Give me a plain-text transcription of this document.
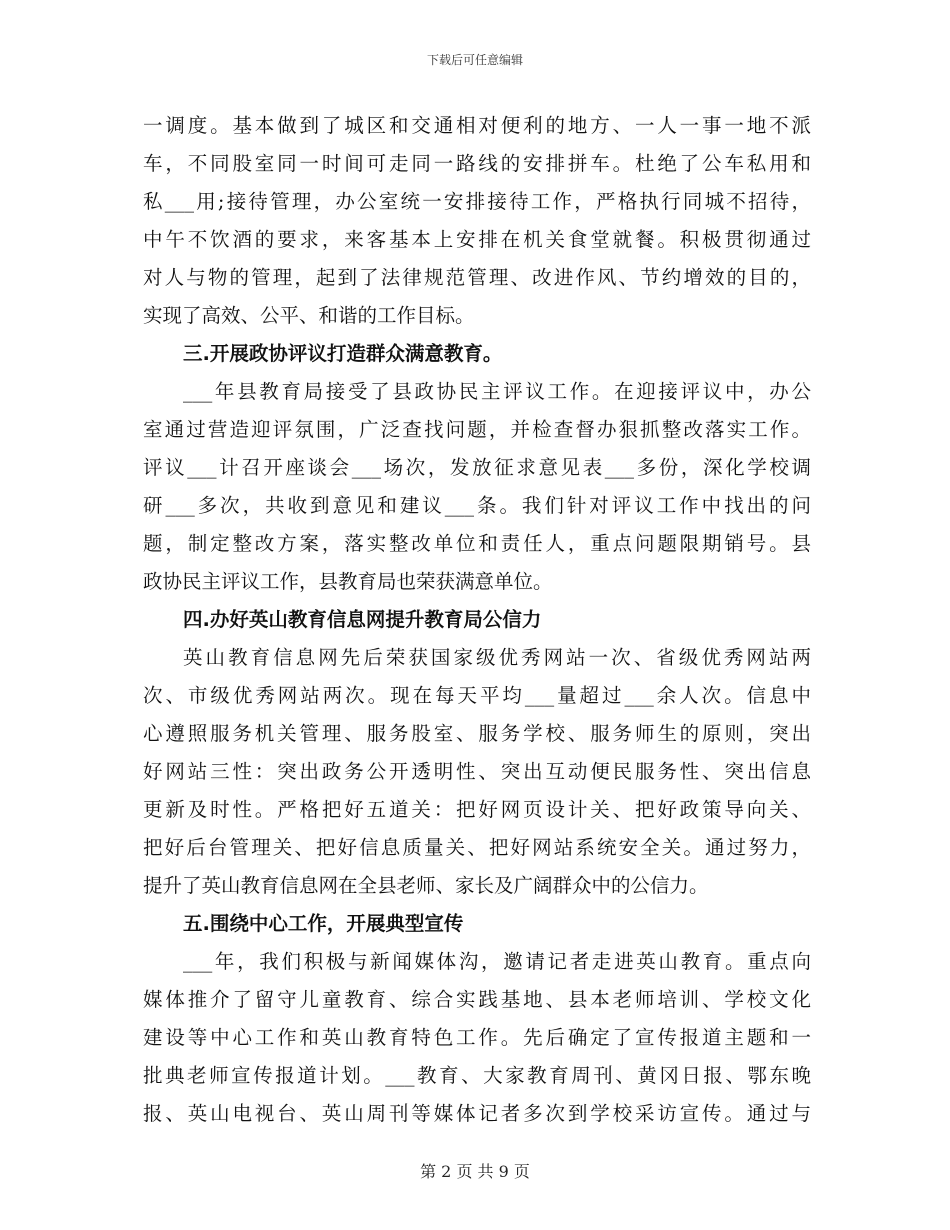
下载后可任意编辑
一调度。基本做到了城区和交通相对便利的地方、一人一事一地不派
车，不同股室同一时间可走同一路线的安排拼车。杜绝了公车私用和
私___用;接待管理，办公室统一安排接待工作，严格执行同城不招待，
中午不饮酒的要求，来客基本上安排在机关食堂就餐。积极贯彻通过
对人与物的管理，起到了法律规范管理、改进作风、节约增效的目的，
实现了高效、公平、和谐的工作目标。
三.开展政协评议打造群众满意教育。
___年县教育局接受了县政协民主评议工作。在迎接评议中，办公
室通过营造迎评氛围，广泛查找问题，并检查督办狠抓整改落实工作。
评议___计召开座谈会___场次，发放征求意见表___多份，深化学校调
研___多次，共收到意见和建议___条。我们针对评议工作中找出的问
题，制定整改方案，落实整改单位和责任人，重点问题限期销号。县
政协民主评议工作，县教育局也荣获满意单位。
四.办好英山教育信息网提升教育局公信力
英山教育信息网先后荣获国家级优秀网站一次、省级优秀网站两
次、市级优秀网站两次。现在每天平均___量超过___余人次。信息中
心遵照服务机关管理、服务股室、服务学校、服务师生的原则，突出
好网站三性：突出政务公开透明性、突出互动便民服务性、突出信息
更新及时性。严格把好五道关：把好网页设计关、把好政策导向关、
把好后台管理关、把好信息质量关、把好网站系统安全关。通过努力，
提升了英山教育信息网在全县老师、家长及广阔群众中的公信力。
五.围绕中心工作，开展典型宣传
___年，我们积极与新闻媒体沟，邀请记者走进英山教育。重点向
媒体推介了留守儿童教育、综合实践基地、县本老师培训、学校文化
建设等中心工作和英山教育特色工作。先后确定了宣传报道主题和一
批典老师宣传报道计划。___教育、大家教育周刊、黄冈日报、鄂东晚
报、英山电视台、英山周刊等媒体记者多次到学校采访宣传。通过与
第 2 页 共 9 页
